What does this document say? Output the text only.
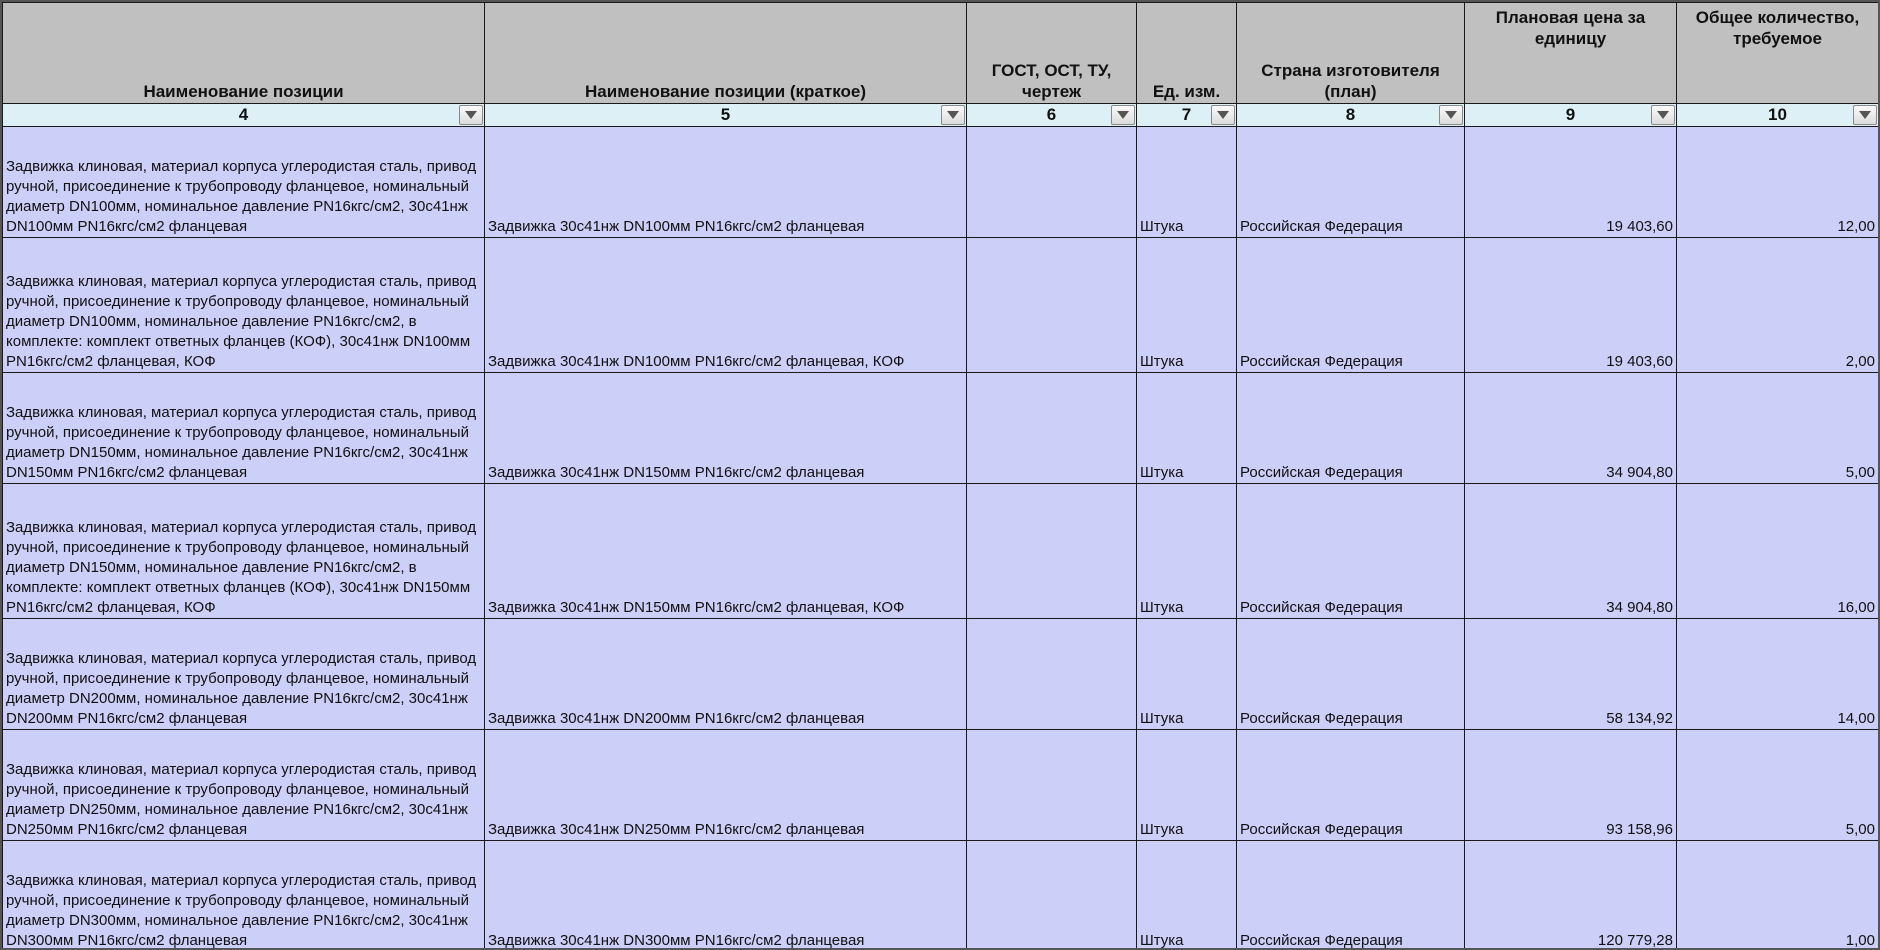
Наименование позиции	Наименование позиции (краткое)	ГОСТ, ОСТ, ТУ, чертеж	Ед. изм.	Страна изготовителя (план)	Плановая цена за единицу	Общее количество, требуемое
4	5	6	7	8	9	10

Задвижка клиновая, материал корпуса углеродистая сталь, привод ручной, присоединение к трубопроводу фланцевое, номинальный диаметр DN100мм, номинальное давление PN16кгс/см2, 30с41нж DN100мм PN16кгс/см2 фланцевая	Задвижка 30с41нж DN100мм PN16кгс/см2 фланцевая		Штука	Российская Федерация	19 403,60	12,00
Задвижка клиновая, материал корпуса углеродистая сталь, привод ручной, присоединение к трубопроводу фланцевое, номинальный диаметр DN100мм, номинальное давление PN16кгс/см2, в комплекте: комплект ответных фланцев (КОФ), 30с41нж DN100мм PN16кгс/см2 фланцевая, КОФ	Задвижка 30с41нж DN100мм PN16кгс/см2 фланцевая, КОФ		Штука	Российская Федерация	19 403,60	2,00
Задвижка клиновая, материал корпуса углеродистая сталь, привод ручной, присоединение к трубопроводу фланцевое, номинальный диаметр DN150мм, номинальное давление PN16кгс/см2, 30с41нж DN150мм PN16кгс/см2 фланцевая	Задвижка 30с41нж DN150мм PN16кгс/см2 фланцевая		Штука	Российская Федерация	34 904,80	5,00
Задвижка клиновая, материал корпуса углеродистая сталь, привод ручной, присоединение к трубопроводу фланцевое, номинальный диаметр DN150мм, номинальное давление PN16кгс/см2, в комплекте: комплект ответных фланцев (КОФ), 30с41нж DN150мм PN16кгс/см2 фланцевая, КОФ	Задвижка 30с41нж DN150мм PN16кгс/см2 фланцевая, КОФ		Штука	Российская Федерация	34 904,80	16,00
Задвижка клиновая, материал корпуса углеродистая сталь, привод ручной, присоединение к трубопроводу фланцевое, номинальный диаметр DN200мм, номинальное давление PN16кгс/см2, 30с41нж DN200мм PN16кгс/см2 фланцевая	Задвижка 30с41нж DN200мм PN16кгс/см2 фланцевая		Штука	Российская Федерация	58 134,92	14,00
Задвижка клиновая, материал корпуса углеродистая сталь, привод ручной, присоединение к трубопроводу фланцевое, номинальный диаметр DN250мм, номинальное давление PN16кгс/см2, 30с41нж DN250мм PN16кгс/см2 фланцевая	Задвижка 30с41нж DN250мм PN16кгс/см2 фланцевая		Штука	Российская Федерация	93 158,96	5,00
Задвижка клиновая, материал корпуса углеродистая сталь, привод ручной, присоединение к трубопроводу фланцевое, номинальный диаметр DN300мм, номинальное давление PN16кгс/см2, 30с41нж DN300мм PN16кгс/см2 фланцевая	Задвижка 30с41нж DN300мм PN16кгс/см2 фланцевая		Штука	Российская Федерация	120 779,28	1,00
